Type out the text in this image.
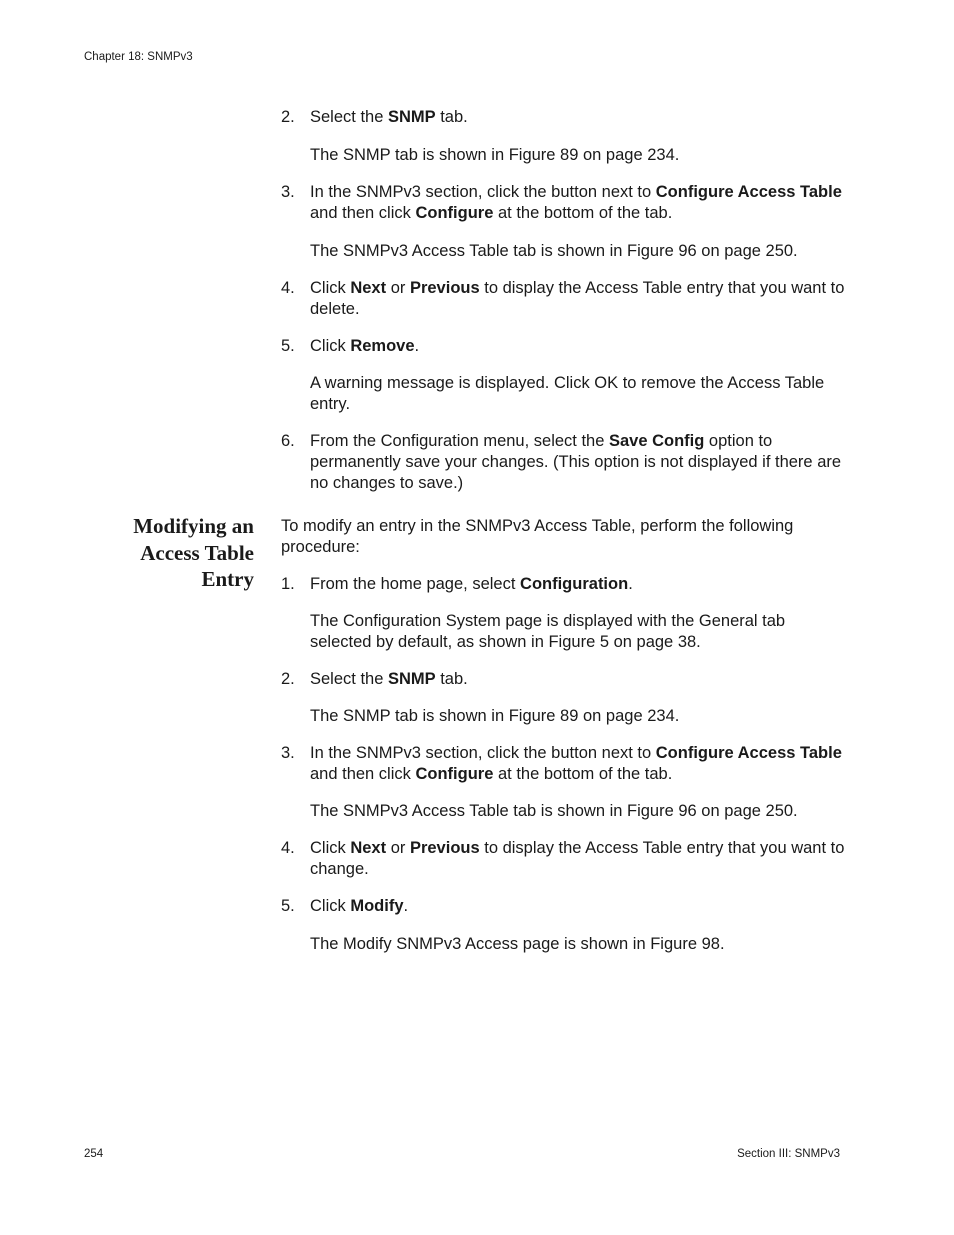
Chapter 18: SNMPv3

2. Select the SNMP tab.

The SNMP tab is shown in Figure 89 on page 234.

3. In the SNMPv3 section, click the button next to Configure Access Table and then click Configure at the bottom of the tab.

The SNMPv3 Access Table tab is shown in Figure 96 on page 250.

4. Click Next or Previous to display the Access Table entry that you want to delete.

5. Click Remove.

A warning message is displayed. Click OK to remove the Access Table entry.

6. From the Configuration menu, select the Save Config option to permanently save your changes. (This option is not displayed if there are no changes to save.)

Modifying an
Access Table
Entry

To modify an entry in the SNMPv3 Access Table, perform the following procedure:

1. From the home page, select Configuration.

The Configuration System page is displayed with the General tab selected by default, as shown in Figure 5 on page 38.

2. Select the SNMP tab.

The SNMP tab is shown in Figure 89 on page 234.

3. In the SNMPv3 section, click the button next to Configure Access Table and then click Configure at the bottom of the tab.

The SNMPv3 Access Table tab is shown in Figure 96 on page 250.

4. Click Next or Previous to display the Access Table entry that you want to change.

5. Click Modify.

The Modify SNMPv3 Access page is shown in Figure 98.

254	Section III: SNMPv3
